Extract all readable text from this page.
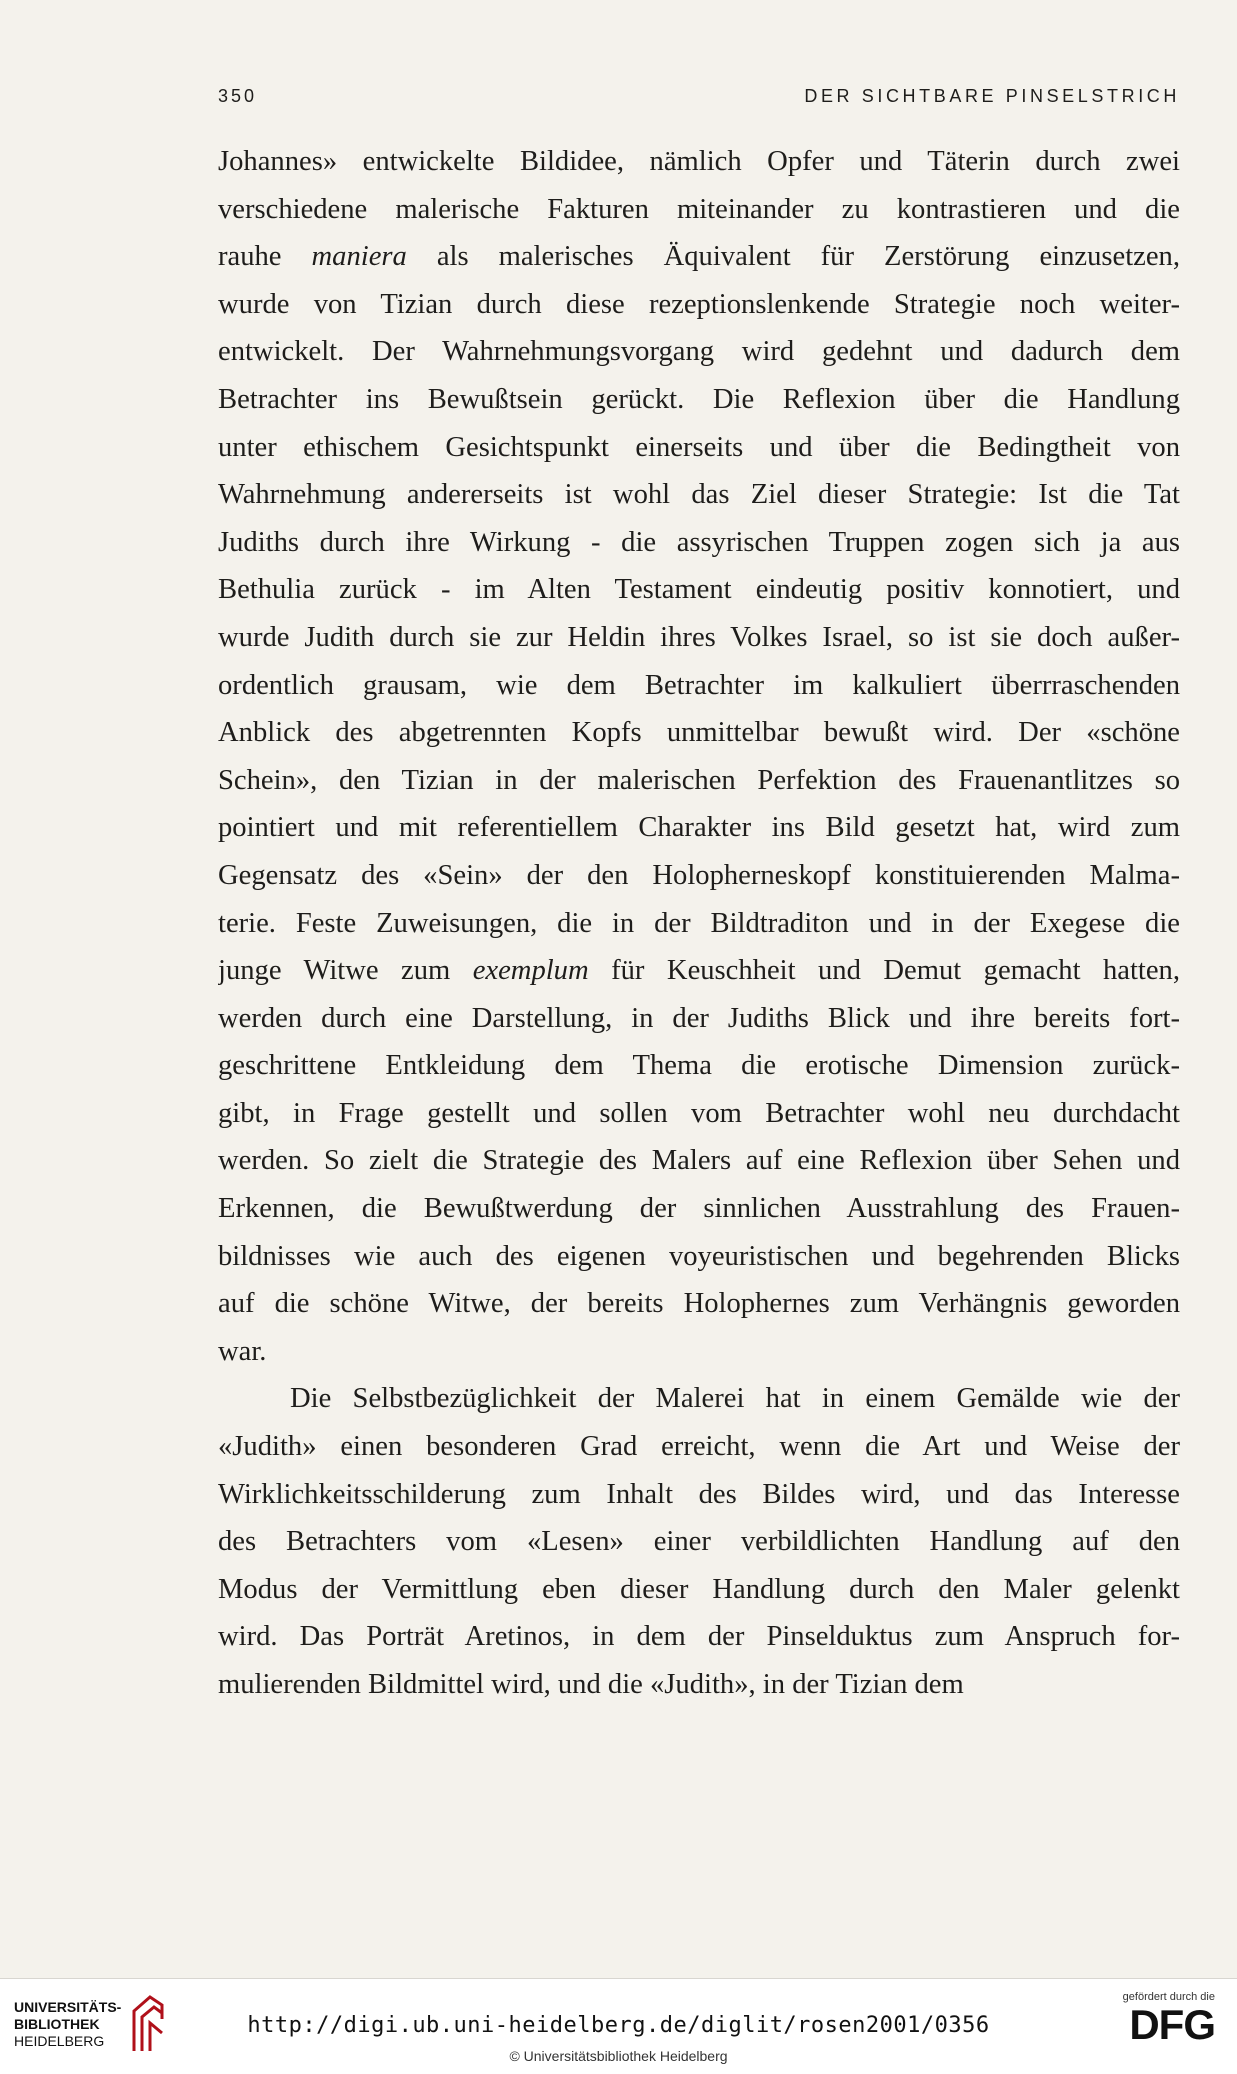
350	DER SICHTBARE PINSELSTRICH
Johannes» entwickelte Bildidee, nämlich Opfer und Täterin durch zwei
verschiedene malerische Fakturen miteinander zu kontrastieren und die
rauhe maniera als malerisches Äquivalent für Zerstörung einzusetzen,
wurde von Tizian durch diese rezeptionslenkende Strategie noch weiter-
entwickelt. Der Wahrnehmungsvorgang wird gedehnt und dadurch dem
Betrachter ins Bewußtsein gerückt. Die Reflexion über die Handlung
unter ethischem Gesichtspunkt einerseits und über die Bedingtheit von
Wahrnehmung andererseits ist wohl das Ziel dieser Strategie: Ist die Tat
Judiths durch ihre Wirkung - die assyrischen Truppen zogen sich ja aus
Bethulia zurück - im Alten Testament eindeutig positiv konnotiert, und
wurde Judith durch sie zur Heldin ihres Volkes Israel, so ist sie doch außer-
ordentlich grausam, wie dem Betrachter im kalkuliert überrraschenden
Anblick des abgetrennten Kopfs unmittelbar bewußt wird. Der «schöne
Schein», den Tizian in der malerischen Perfektion des Frauenantlitzes so
pointiert und mit referentiellem Charakter ins Bild gesetzt hat, wird zum
Gegensatz des «Sein» der den Holopherneskopf konstituierenden Malma-
terie. Feste Zuweisungen, die in der Bildtraditon und in der Exegese die
junge Witwe zum exemplum für Keuschheit und Demut gemacht hatten,
werden durch eine Darstellung, in der Judiths Blick und ihre bereits fort-
geschrittene Entkleidung dem Thema die erotische Dimension zurück-
gibt, in Frage gestellt und sollen vom Betrachter wohl neu durchdacht
werden. So zielt die Strategie des Malers auf eine Reflexion über Sehen und
Erkennen, die Bewußtwerdung der sinnlichen Ausstrahlung des Frauen-
bildnisses wie auch des eigenen voyeuristischen und begehrenden Blicks
auf die schöne Witwe, der bereits Holophernes zum Verhängnis geworden
war.
Die Selbstbezüglichkeit der Malerei hat in einem Gemälde wie der
«Judith» einen besonderen Grad erreicht, wenn die Art und Weise der
Wirklichkeitsschilderung zum Inhalt des Bildes wird, und das Interesse
des Betrachters vom «Lesen» einer verbildlichten Handlung auf den
Modus der Vermittlung eben dieser Handlung durch den Maler gelenkt
wird. Das Porträt Aretinos, in dem der Pinselduktus zum Anspruch for-
mulierenden Bildmittel wird, und die «Judith», in der Tizian dem
UNIVERSITÄTS-
BIBLIOTHEK
HEIDELBERG
http://digi.ub.uni-heidelberg.de/diglit/rosen2001/0356
© Universitätsbibliothek Heidelberg
gefördert durch die
DFG
